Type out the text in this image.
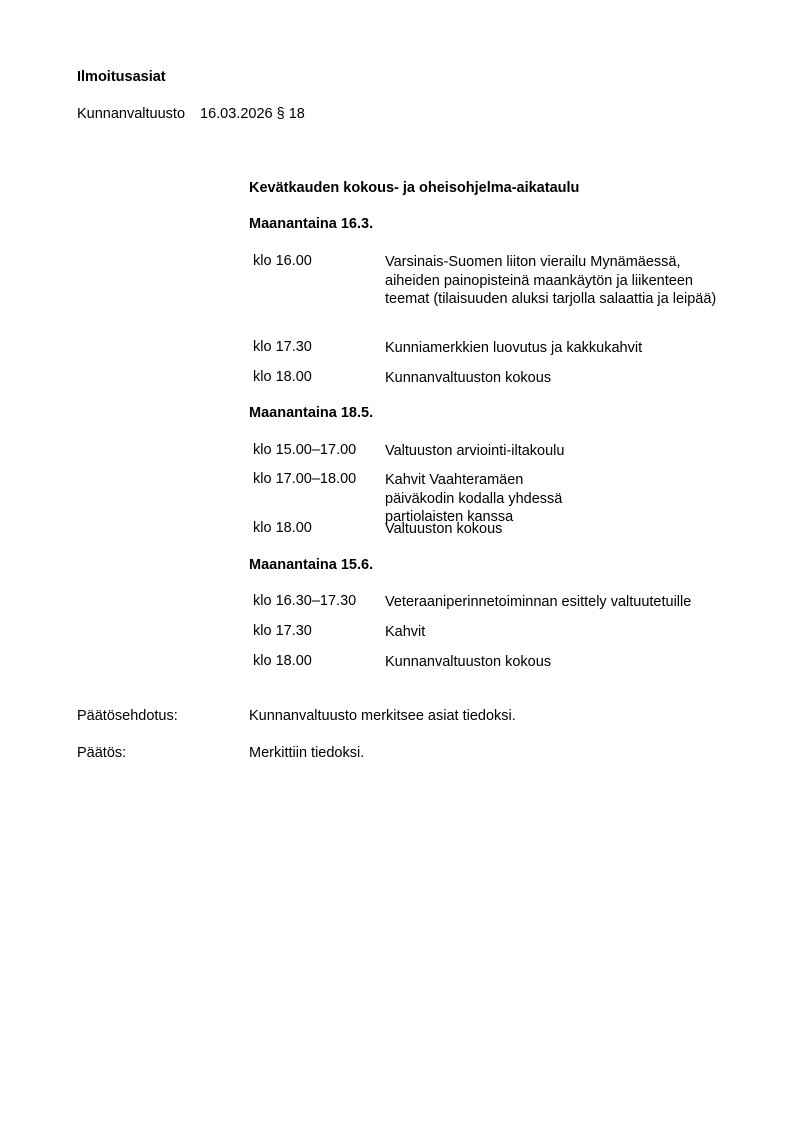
Ilmoitusasiat
Kunnanvaltuusto 16.03.2026 § 18
Kevätkauden kokous- ja oheisohjelma-aikataulu
Maanantaina 16.3.
klo 16.00	Varsinais-Suomen liiton vierailu Mynämäessä, aiheiden painopisteinä maankäytön ja liikenteen teemat (tilaisuuden aluksi tarjolla salaattia ja leipää)
klo 17.30	Kunniamerkkien luovutus ja kakkukahvit
klo 18.00	Kunnanvaltuuston kokous
Maanantaina 18.5.
klo 15.00–17.00	Valtuuston arviointi-iltakoulu
klo 17.00–18.00	Kahvit Vaahteramäen päiväkodin kodalla yhdessä partiolaisten kanssa
klo 18.00	Valtuuston kokous
Maanantaina 15.6.
klo 16.30–17.30	Veteraaniperinnetoiminnan esittely valtuutetuille
klo 17.30	Kahvit
klo 18.00	Kunnanvaltuuston kokous
Päätösehdotus:	Kunnanvaltuusto merkitsee asiat tiedoksi.
Päätös:	Merkittiin tiedoksi.
